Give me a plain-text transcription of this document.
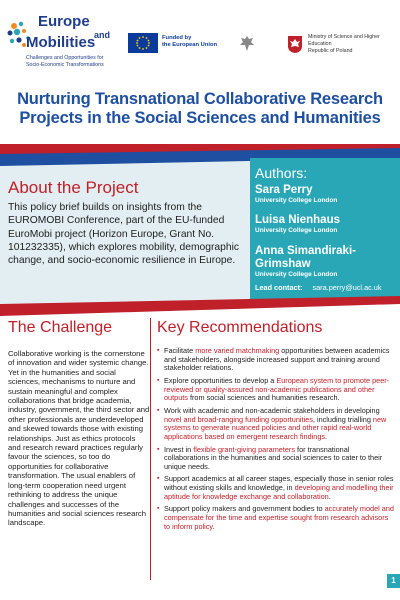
Europe
and
Mobilities
Challenges and Opportunities for
Socio-Economic Transformations
Funded by
the European Union
Ministry of Science and Higher Education
Republic of Poland
Nurturing Transnational Collaborative Research
Projects in the Social Sciences and Humanities
About the Project
This policy brief builds on insights from the EUROMOBI Conference, part of the EU-funded EuroMobi project (Horizon Europe, Grant No. 101232335), which explores mobility, demographic change, and socio-economic resilience in Europe.
Authors:
Sara Perry
University College London
Luisa Nienhaus
University College London
Anna Simandiraki-Grimshaw
University College London
Lead contact: sara.perry@ucl.ac.uk
The Challenge
Collaborative working is the cornerstone of innovation and wider systemic change. Yet in the humanities and social sciences, mechanisms to nurture and sustain meaningful and complex collaborations that bridge academia, industry, government, the third sector and other professionals are underdeveloped and skewed towards those with existing relationships. Just as ethics protocols and research reward practices regularly favour the sciences, so too do opportunities for collaborative transformation. The usual enablers of long-term cooperation need urgent rethinking to address the unique challenges and successes of the humanities and social sciences research landscape.
Key Recommendations
▪ Facilitate more varied matchmaking opportunities between academics and stakeholders, alongside increased support and training around stakeholder relations.
▪ Explore opportunities to develop a European system to promote peer-reviewed or quality-assured non-academic publications and other outputs from social sciences and humanities research.
▪ Work with academic and non-academic stakeholders in developing novel and broad-ranging funding opportunities, including trialling new systems to generate nuanced policies and other rapid real-world applications based on emergent research findings.
▪ Invest in flexible grant-giving parameters for transnational collaborations in the humanities and social sciences to cater to their unique needs.
▪ Support academics at all career stages, especially those in senior roles without existing skills and knowledge, in developing and modelling their aptitude for knowledge exchange and collaboration.
▪ Support policy makers and government bodies to accurately model and compensate for the time and expertise sought from research advisors to inform policy.
1
